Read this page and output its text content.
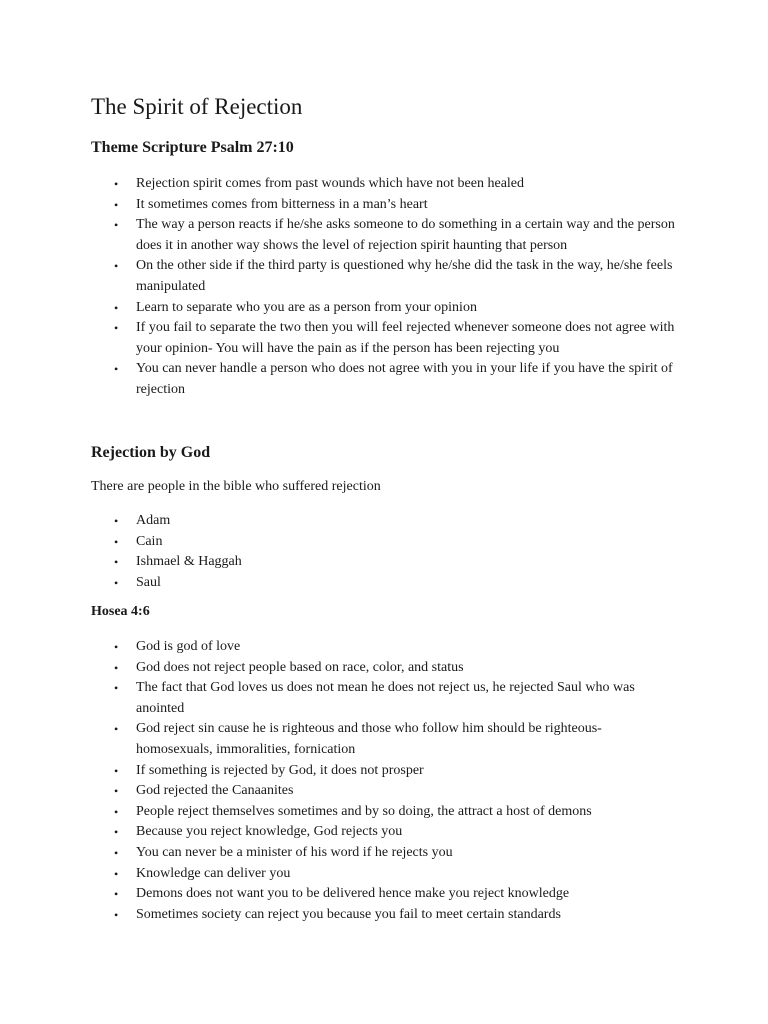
The Spirit of Rejection
Theme Scripture Psalm 27:10
• Rejection spirit comes from past wounds which have not been healed
• It sometimes comes from bitterness in a man’s heart
• The way a person reacts if he/she asks someone to do something in a certain way and the person does it in another way shows the level of rejection spirit haunting that person
• On the other side if the third party is questioned why he/she did the task in the way, he/she feels manipulated
• Learn to separate who you are as a person from your opinion
• If you fail to separate the two then you will feel rejected whenever someone does not agree with your opinion- You will have the pain as if the person has been rejecting you
• You can never handle a person who does not agree with you in your life if you have the spirit of rejection
Rejection by God

There are people in the bible who suffered rejection

• Adam
• Cain
• Ishmael & Haggah
• Saul
Hosea 4:6
• God is god of love
• God does not reject people based on race, color, and status
• The fact that God loves us does not mean he does not reject us, he rejected Saul who was anointed
• God reject sin cause he is righteous and those who follow him should be righteous- homosexuals, immoralities, fornication
• If something is rejected by God, it does not prosper
• God rejected the Canaanites
• People reject themselves sometimes and by so doing, the attract a host of demons
• Because you reject knowledge, God rejects you
• You can never be a minister of his word if he rejects you
• Knowledge can deliver you
• Demons does not want you to be delivered hence make you reject knowledge
• Sometimes society can reject you because you fail to meet certain standards
